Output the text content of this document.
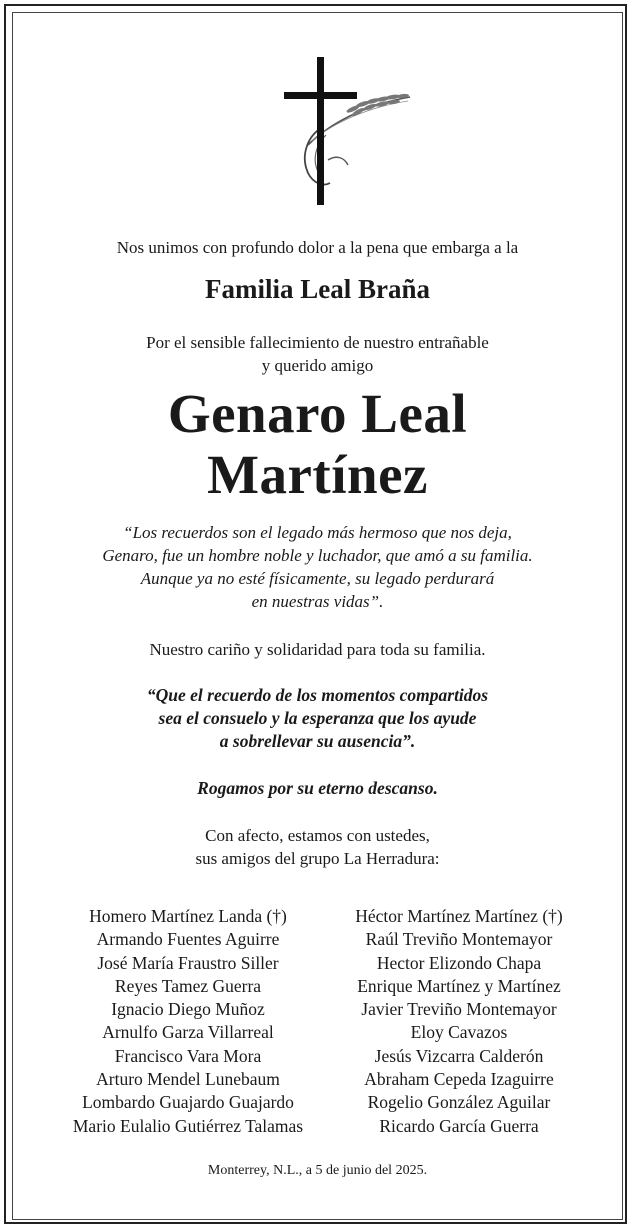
Nos unimos con profundo dolor a la pena que embarga a la
Familia Leal Braña
Por el sensible fallecimiento de nuestro entrañable
y querido amigo
Genaro Leal
Martínez
“Los recuerdos son el legado más hermoso que nos deja,
Genaro, fue un hombre noble y luchador, que amó a su familia.
Aunque ya no esté físicamente, su legado perdurará
en nuestras vidas”.
Nuestro cariño y solidaridad para toda su familia.
“Que el recuerdo de los momentos compartidos
sea el consuelo y la esperanza que los ayude
a sobrellevar su ausencia”.
Rogamos por su eterno descanso.
Con afecto, estamos con ustedes,
sus amigos del grupo La Herradura:
Homero Martínez Landa (†)
Armando Fuentes Aguirre
José María Fraustro Siller
Reyes Tamez Guerra
Ignacio Diego Muñoz
Arnulfo Garza Villarreal
Francisco Vara Mora
Arturo Mendel Lunebaum
Lombardo Guajardo Guajardo
Mario Eulalio Gutiérrez Talamas
Héctor Martínez Martínez (†)
Raúl Treviño Montemayor
Hector Elizondo Chapa
Enrique Martínez y Martínez
Javier Treviño Montemayor
Eloy Cavazos
Jesús Vizcarra Calderón
Abraham Cepeda Izaguirre
Rogelio González Aguilar
Ricardo García Guerra
Monterrey, N.L., a 5 de junio del 2025.
